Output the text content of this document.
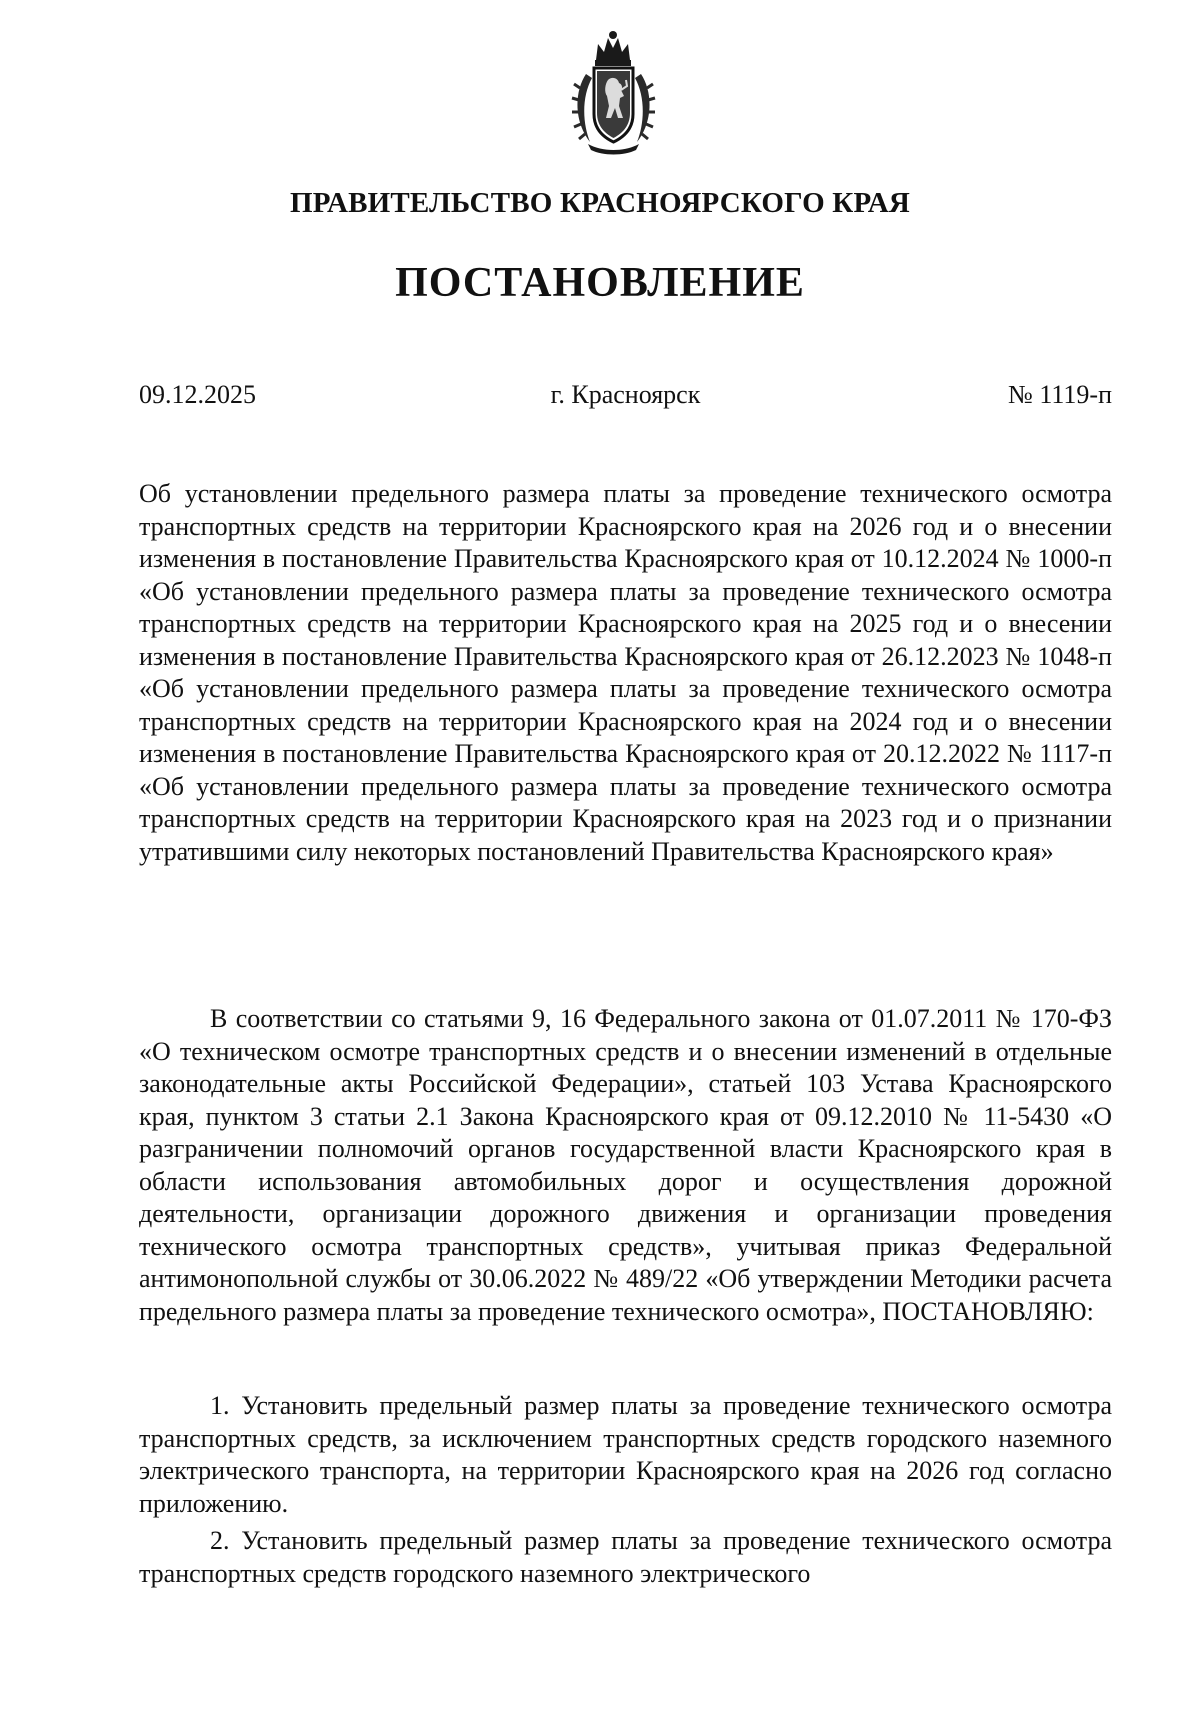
ПРАВИТЕЛЬСТВО КРАСНОЯРСКОГО КРАЯ
ПОСТАНОВЛЕНИЕ
г. Красноярск
09.12.2025	№ 1119-п

Об установлении предельного размера платы за проведение технического осмотра транспортных средств на территории Красноярского края на 2026 год и о внесении изменения в постановление Правительства Красноярского края от 10.12.2024 № 1000-п «Об установлении предельного размера платы за проведение технического осмотра транспортных средств на территории Красноярского края на 2025 год и о внесении изменения в постановление Правительства Красноярского края от 26.12.2023 № 1048-п «Об установлении предельного размера платы за проведение технического осмотра транспортных средств на территории Красноярского края на 2024 год и о внесении изменения в постановление Правительства Красноярского края от 20.12.2022 № 1117-п «Об установлении предельного размера платы за проведение технического осмотра транспортных средств на территории Красноярского края на 2023 год и о признании утратившими силу некоторых постановлений Правительства Красноярского края»

В соответствии со статьями 9, 16 Федерального закона от 01.07.2011 № 170-ФЗ «О техническом осмотре транспортных средств и о внесении изменений в отдельные законодательные акты Российской Федерации», статьей 103 Устава Красноярского края, пунктом 3 статьи 2.1 Закона Красноярского края от 09.12.2010 № 11-5430 «О разграничении полномочий органов государственной власти Красноярского края в области использования автомобильных дорог и осуществления дорожной деятельности, организации дорожного движения и организации проведения технического осмотра транспортных средств», учитывая приказ Федеральной антимонопольной службы от 30.06.2022 № 489/22 «Об утверждении Методики расчета предельного размера платы за проведение технического осмотра», ПОСТАНОВЛЯЮ:

1. Установить предельный размер платы за проведение технического осмотра транспортных средств, за исключением транспортных средств городского наземного электрического транспорта, на территории Красноярского края на 2026 год согласно приложению.

2. Установить предельный размер платы за проведение технического осмотра транспортных средств городского наземного электрического
